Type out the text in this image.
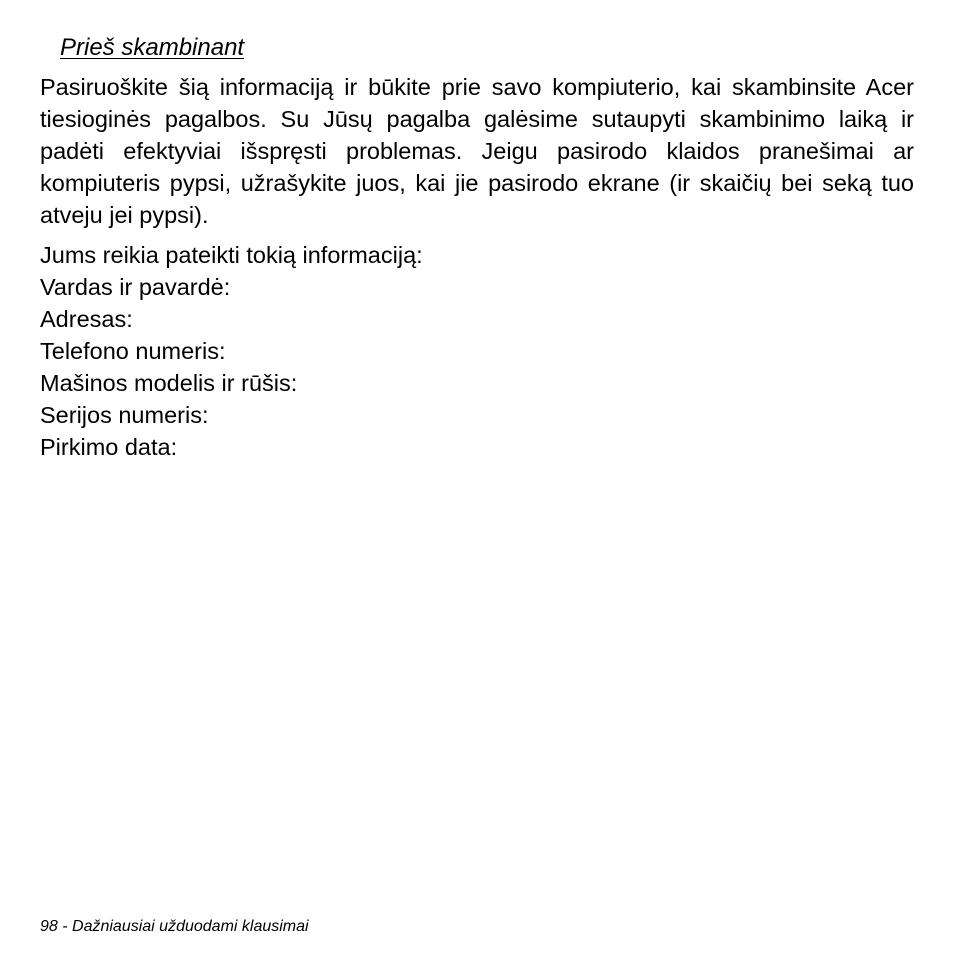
Prieš skambinant

Pasiruoškite šią informaciją ir būkite prie savo kompiuterio, kai skambinsite Acer tiesioginės pagalbos. Su Jūsų pagalba galėsime sutaupyti skambinimo laiką ir padėti efektyviai išspręsti problemas. Jeigu pasirodo klaidos pranešimai ar kompiuteris pypsi, užrašykite juos, kai jie pasirodo ekrane (ir skaičių bei seką tuo atveju jei pypsi).

Jums reikia pateikti tokią informaciją:
Vardas ir pavardė:
Adresas:
Telefono numeris:
Mašinos modelis ir rūšis:
Serijos numeris:
Pirkimo data:
98 - Dažniausiai užduodami klausimai
